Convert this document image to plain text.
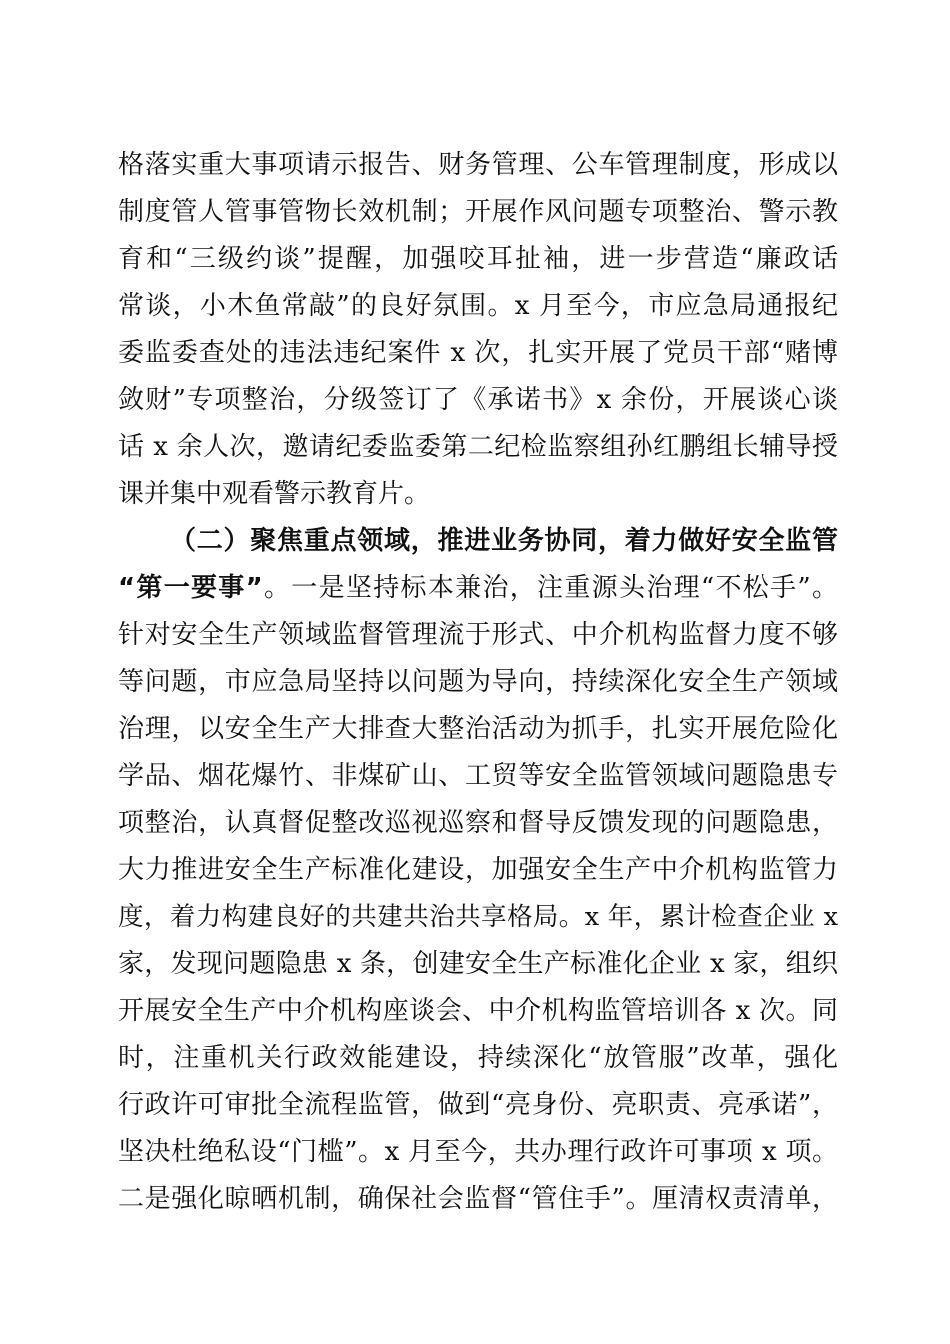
格落实重大事项请示报告、财务管理、公车管理制度，形成以
制度管人管事管物长效机制；开展作风问题专项整治、警示教
育和“三级约谈”提醒，加强咬耳扯袖，进一步营造“廉政话
常谈，小木鱼常敲”的良好氛围。x 月至今，市应急局通报纪
委监委查处的违法违纪案件 x 次，扎实开展了党员干部“赌博
敛财”专项整治，分级签订了《承诺书》x 余份，开展谈心谈
话 x 余人次，邀请纪委监委第二纪检监察组孙红鹏组长辅导授
课并集中观看警示教育片。
（二）聚焦重点领域，推进业务协同，着力做好安全监管
“第一要事”。一是坚持标本兼治，注重源头治理“不松手”。
针对安全生产领域监督管理流于形式、中介机构监督力度不够
等问题，市应急局坚持以问题为导向，持续深化安全生产领域
治理，以安全生产大排查大整治活动为抓手，扎实开展危险化
学品、烟花爆竹、非煤矿山、工贸等安全监管领域问题隐患专
项整治，认真督促整改巡视巡察和督导反馈发现的问题隐患，
大力推进安全生产标准化建设，加强安全生产中介机构监管力
度，着力构建良好的共建共治共享格局。x 年，累计检查企业 x
家，发现问题隐患 x 条，创建安全生产标准化企业 x 家，组织
开展安全生产中介机构座谈会、中介机构监管培训各 x 次。同
时，注重机关行政效能建设，持续深化“放管服”改革，强化
行政许可审批全流程监管，做到“亮身份、亮职责、亮承诺”，
坚决杜绝私设“门槛”。x 月至今，共办理行政许可事项 x 项。
二是强化晾晒机制，确保社会监督“管住手”。厘清权责清单，
